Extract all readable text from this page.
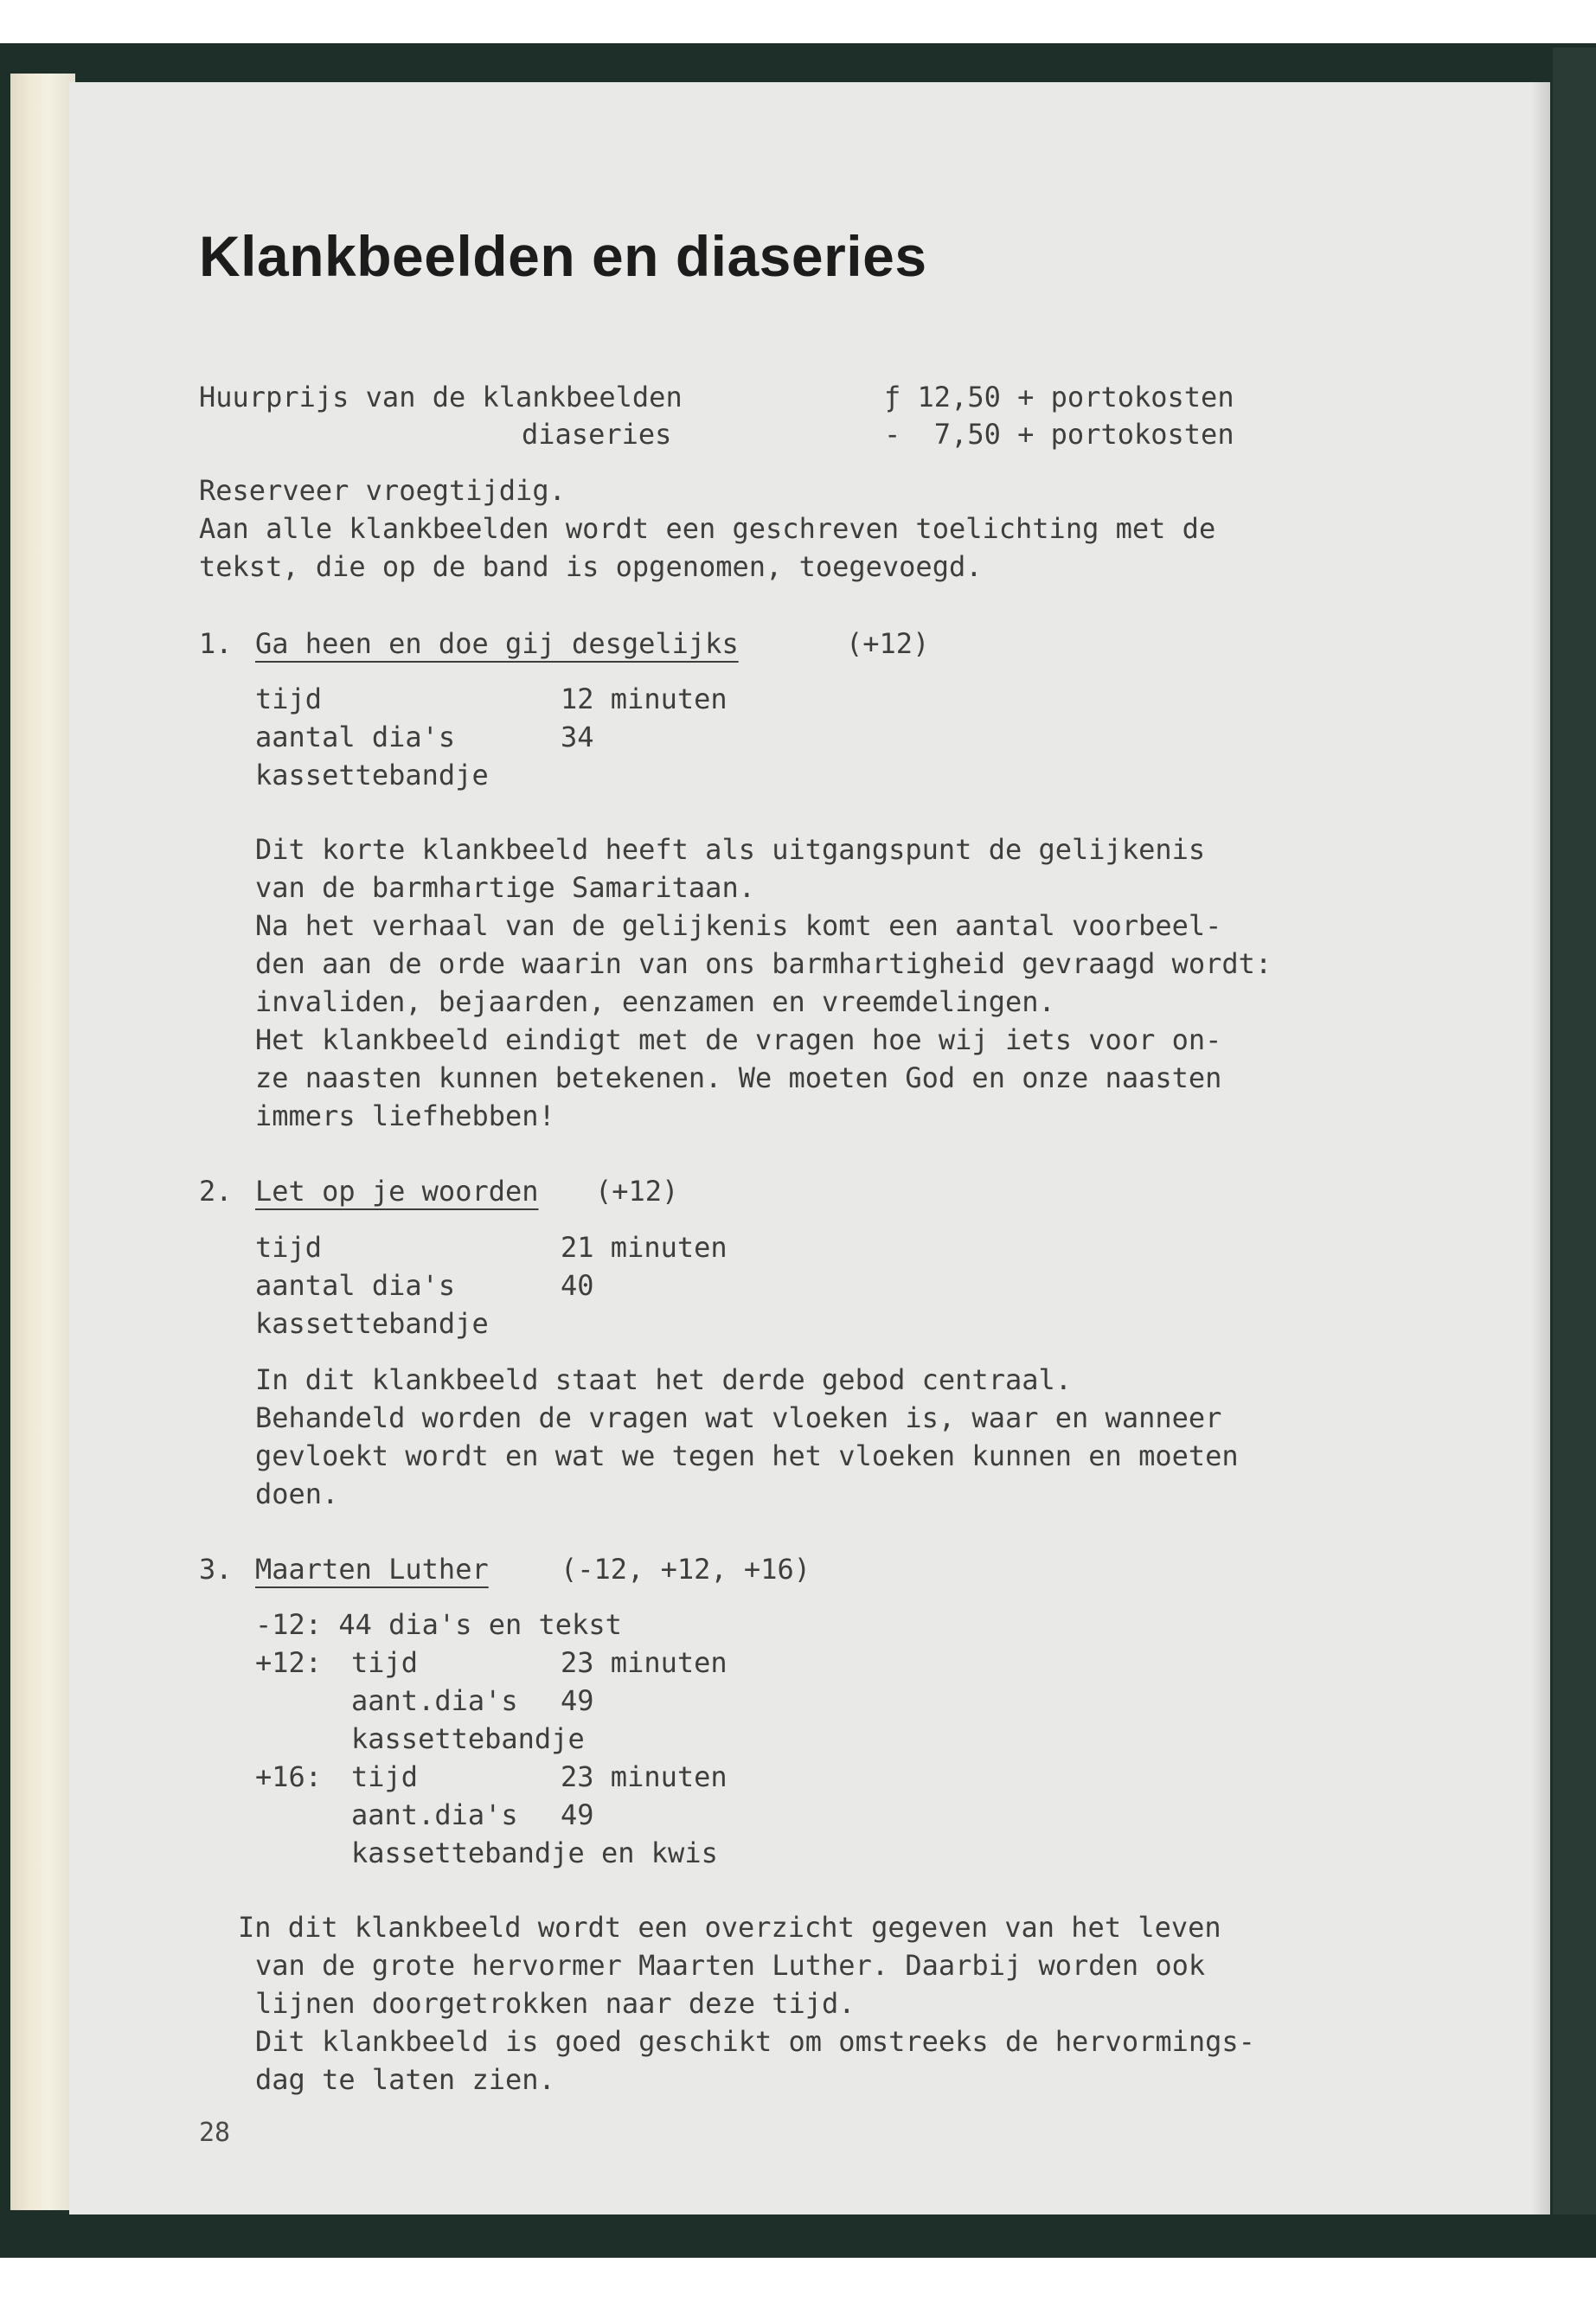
Klankbeelden en diaseries
Huurprijs van de klankbeelden	ƒ 12,50 + portokosten
diaseries	-  7,50 + portokosten
Reserveer vroegtijdig.
Aan alle klankbeelden wordt een geschreven toelichting met de
tekst, die op de band is opgenomen, toegevoegd.
1. Ga heen en doe gij desgelijks	(+12)
tijd	12 minuten
aantal dia's	34
kassettebandje
Dit korte klankbeeld heeft als uitgangspunt de gelijkenis
van de barmhartige Samaritaan.
Na het verhaal van de gelijkenis komt een aantal voorbeel-
den aan de orde waarin van ons barmhartigheid gevraagd wordt:
invaliden, bejaarden, eenzamen en vreemdelingen.
Het klankbeeld eindigt met de vragen hoe wij iets voor on-
ze naasten kunnen betekenen. We moeten God en onze naasten
immers liefhebben!
2. Let op je woorden (+12)
tijd	21 minuten
aantal dia's	40
kassettebandje
In dit klankbeeld staat het derde gebod centraal.
Behandeld worden de vragen wat vloeken is, waar en wanneer
gevloekt wordt en wat we tegen het vloeken kunnen en moeten
doen.
3. Maarten Luther	(-12, +12, +16)
-12: 44 dia's en tekst
+12: tijd	23 minuten
aant.dia's 49
kassettebandje
+16: tijd	23 minuten
aant.dia's 49
kassettebandje en kwis
In dit klankbeeld wordt een overzicht gegeven van het leven
van de grote hervormer Maarten Luther. Daarbij worden ook
lijnen doorgetrokken naar deze tijd.
Dit klankbeeld is goed geschikt om omstreeks de hervormings-
dag te laten zien.
28
